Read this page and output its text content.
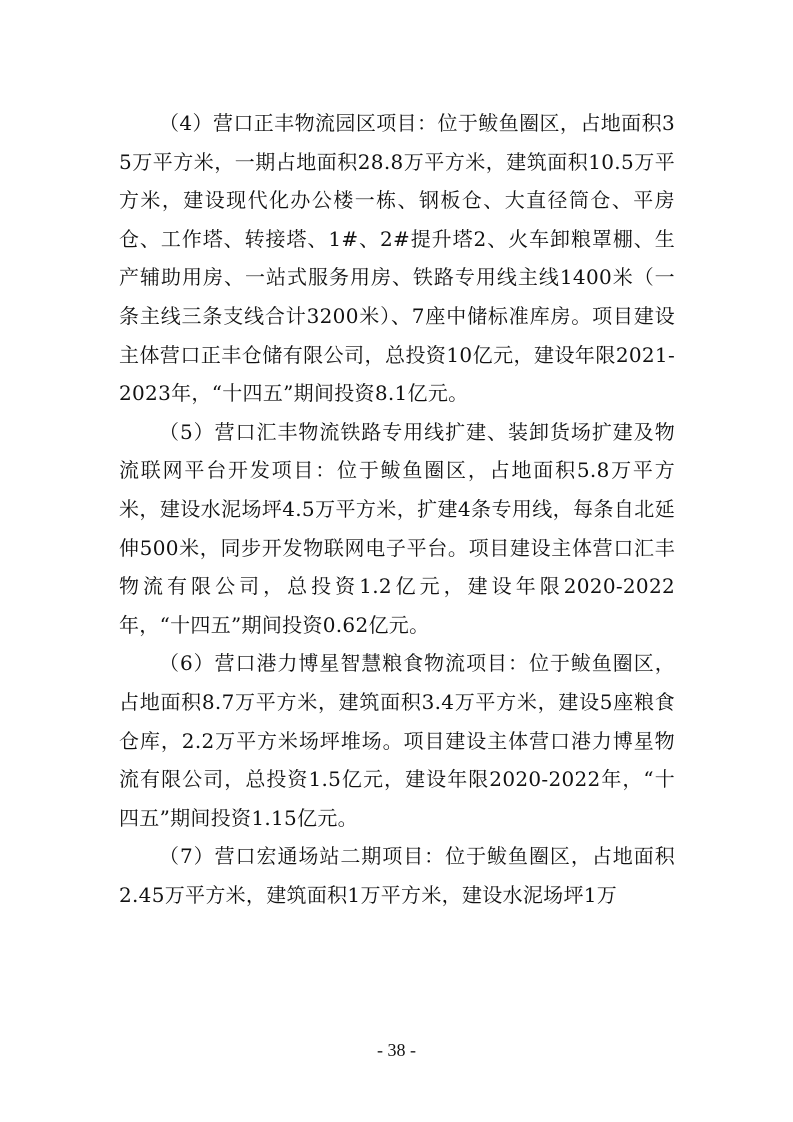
（4）营口正丰物流园区项目：位于鲅鱼圈区，占地面积35万平方米，一期占地面积28.8万平方米，建筑面积10.5万平方米，建设现代化办公楼一栋、钢板仓、大直径筒仓、平房仓、工作塔、转接塔、1#、2#提升塔2、火车卸粮罩棚、生产辅助用房、一站式服务用房、铁路专用线主线1400米（一条主线三条支线合计3200米）、7座中储标准库房。项目建设主体营口正丰仓储有限公司，总投资10亿元，建设年限2021-2023年，“十四五”期间投资8.1亿元。

（5）营口汇丰物流铁路专用线扩建、装卸货场扩建及物流联网平台开发项目：位于鲅鱼圈区，占地面积5.8万平方米，建设水泥场坪4.5万平方米，扩建4条专用线，每条自北延伸500米，同步开发物联网电子平台。项目建设主体营口汇丰物流有限公司，总投资1.2亿元，建设年限2020-2022年，“十四五”期间投资0.62亿元。

（6）营口港力博星智慧粮食物流项目：位于鲅鱼圈区，占地面积8.7万平方米，建筑面积3.4万平方米，建设5座粮食仓库，2.2万平方米场坪堆场。项目建设主体营口港力博星物流有限公司，总投资1.5亿元，建设年限2020-2022年，“十四五”期间投资1.15亿元。

（7）营口宏通场站二期项目：位于鲅鱼圈区，占地面积2.45万平方米，建筑面积1万平方米，建设水泥场坪1万

- 38 -
